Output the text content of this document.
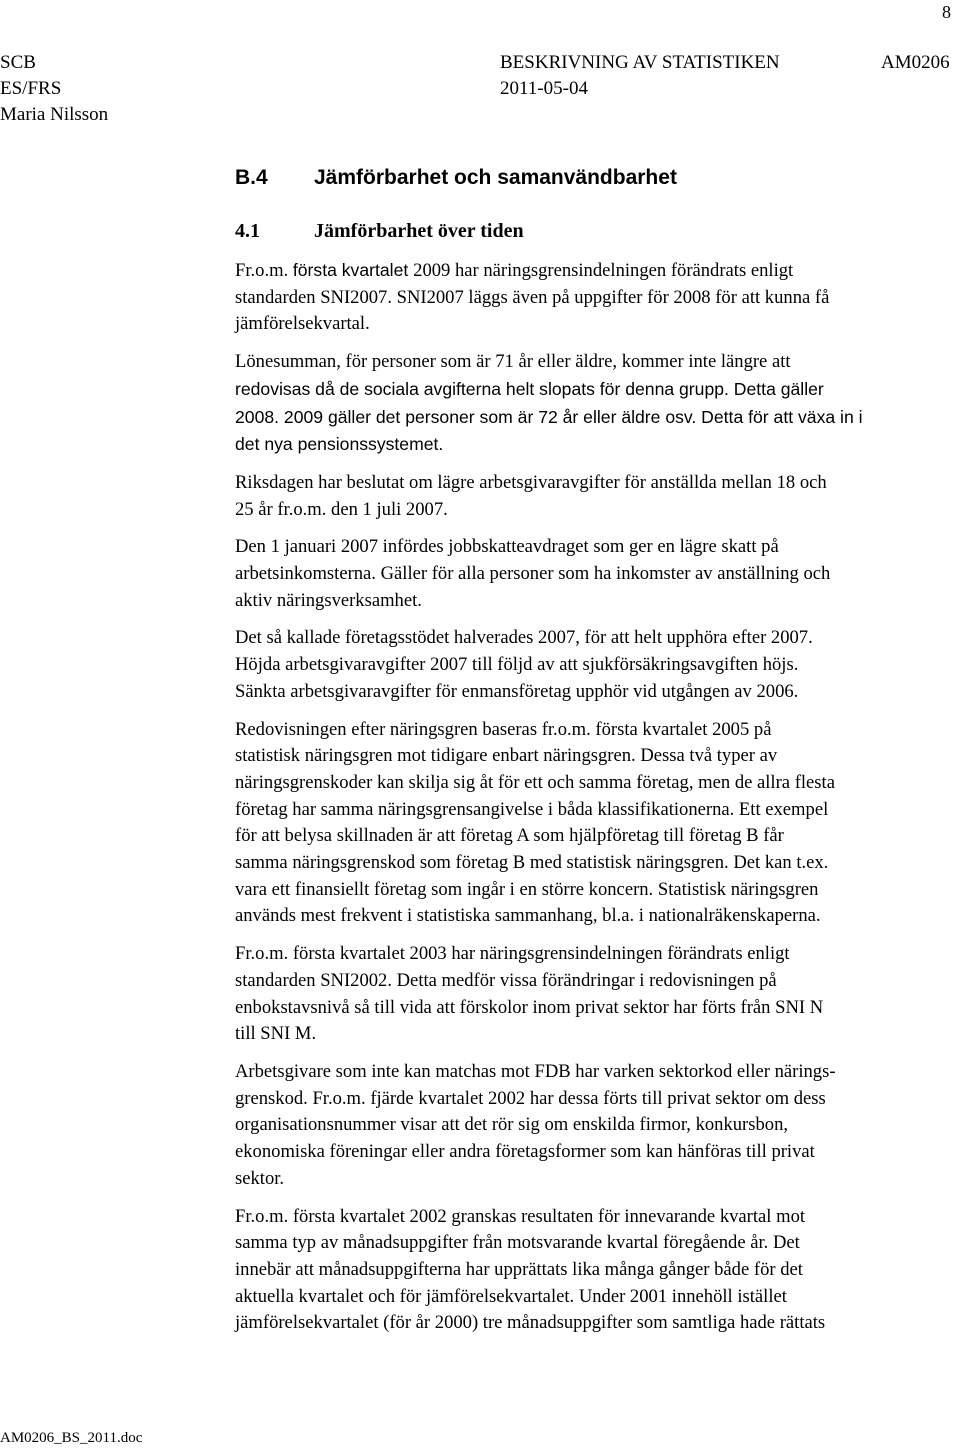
8
SCB
ES/FRS
Maria Nilsson
BESKRIVNING AV STATISTIKEN
2011-05-04
AM0206
B.4 Jämförbarhet och samanvändbarhet
4.1	Jämförbarhet över tiden

Fr.o.m. första kvartalet 2009 har näringsgrensindelningen förändrats enligt
standarden SNI2007. SNI2007 läggs även på uppgifter för 2008 för att kunna få
jämförelsekvartal.

Lönesumman, för personer som är 71 år eller äldre, kommer inte längre att
redovisas då de sociala avgifterna helt slopats för denna grupp. Detta gäller
2008. 2009 gäller det personer som är 72 år eller äldre osv. Detta för att växa in i
det nya pensionssystemet.

Riksdagen har beslutat om lägre arbetsgivaravgifter för anställda mellan 18 och
25 år fr.o.m. den 1 juli 2007.

Den 1 januari 2007 infördes jobbskatteavdraget som ger en lägre skatt på
arbetsinkomsterna. Gäller för alla personer som ha inkomster av anställning och
aktiv näringsverksamhet.

Det så kallade företagsstödet halverades 2007, för att helt upphöra efter 2007.
Höjda arbetsgivaravgifter 2007 till följd av att sjukförsäkringsavgiften höjs.
Sänkta arbetsgivaravgifter för enmansföretag upphör vid utgången av 2006.

Redovisningen efter näringsgren baseras fr.o.m. första kvartalet 2005 på
statistisk näringsgren mot tidigare enbart näringsgren. Dessa två typer av
näringsgrenskoder kan skilja sig åt för ett och samma företag, men de allra flesta
företag har samma näringsgrensangivelse i båda klassifikationerna. Ett exempel
för att belysa skillnaden är att företag A som hjälpföretag till företag B får
samma näringsgrenskod som företag B med statistisk näringsgren. Det kan t.ex.
vara ett finansiellt företag som ingår i en större koncern. Statistisk näringsgren
används mest frekvent i statistiska sammanhang, bl.a. i nationalräkenskaperna.

Fr.o.m. första kvartalet 2003 har näringsgrensindelningen förändrats enligt
standarden SNI2002. Detta medför vissa förändringar i redovisningen på
enbokstavsnivå så till vida att förskolor inom privat sektor har förts från SNI N
till SNI M.

Arbetsgivare som inte kan matchas mot FDB har varken sektorkod eller närings-
grenskod. Fr.o.m. fjärde kvartalet 2002 har dessa förts till privat sektor om dess
organisationsnummer visar att det rör sig om enskilda firmor, konkursbon,
ekonomiska föreningar eller andra företagsformer som kan hänföras till privat
sektor.

Fr.o.m. första kvartalet 2002 granskas resultaten för innevarande kvartal mot
samma typ av månadsuppgifter från motsvarande kvartal föregående år. Det
innebär att månadsuppgifterna har upprättats lika många gånger både för det
aktuella kvartalet och för jämförelsekvartalet. Under 2001 innehöll istället
jämförelsekvartalet (för år 2000) tre månadsuppgifter som samtliga hade rättats

AM0206_BS_2011.doc
